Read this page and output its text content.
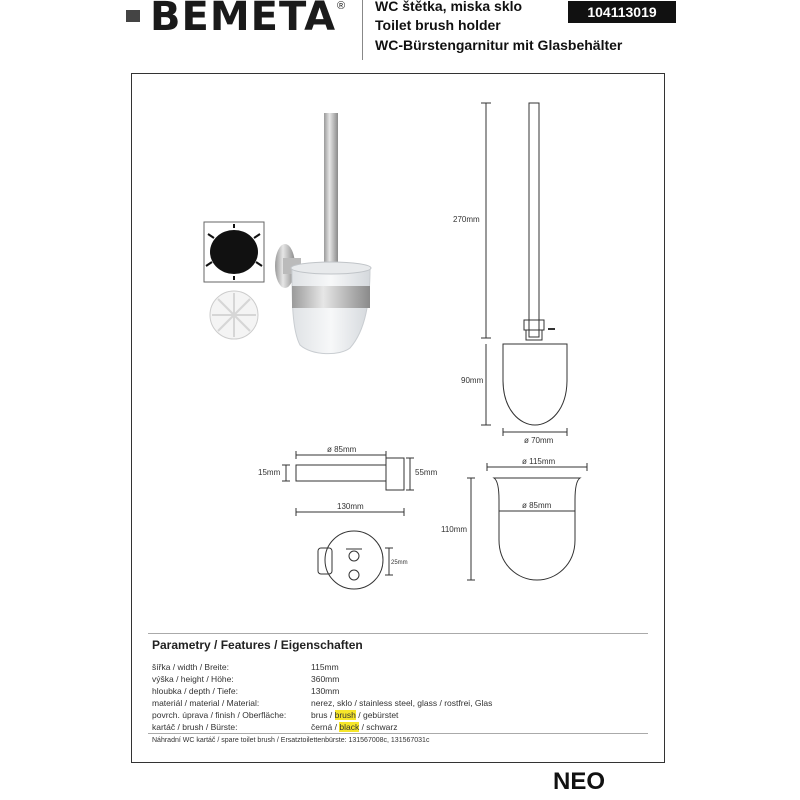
BEMETA ® WC štětka, miska sklo
Toilet brush holder
WC-Bürstengarnitur mit Glasbehälter
104113019
270mm
90mm
ø 70mm
ø 85mm
15mm	55mm
130mm
ø 115mm
ø 85mm
110mm
25mm
Parametry / Features / Eigenschaften
šířka / width / Breite:	115mm
výška / height / Höhe:	360mm
hloubka / depth / Tiefe:	130mm
materiál / material / Material:	nerez, sklo / stainless steel, glass / rostfrei, Glas
povrch. úprava / finish / Oberfläche:	brus / brush / gebürstet
kartáč / brush / Bürste:	černá / black / schwarz
Náhradní WC kartáč / spare toilet brush / Ersatztoilettenbürste: 131567008c, 131567031c
NEO
